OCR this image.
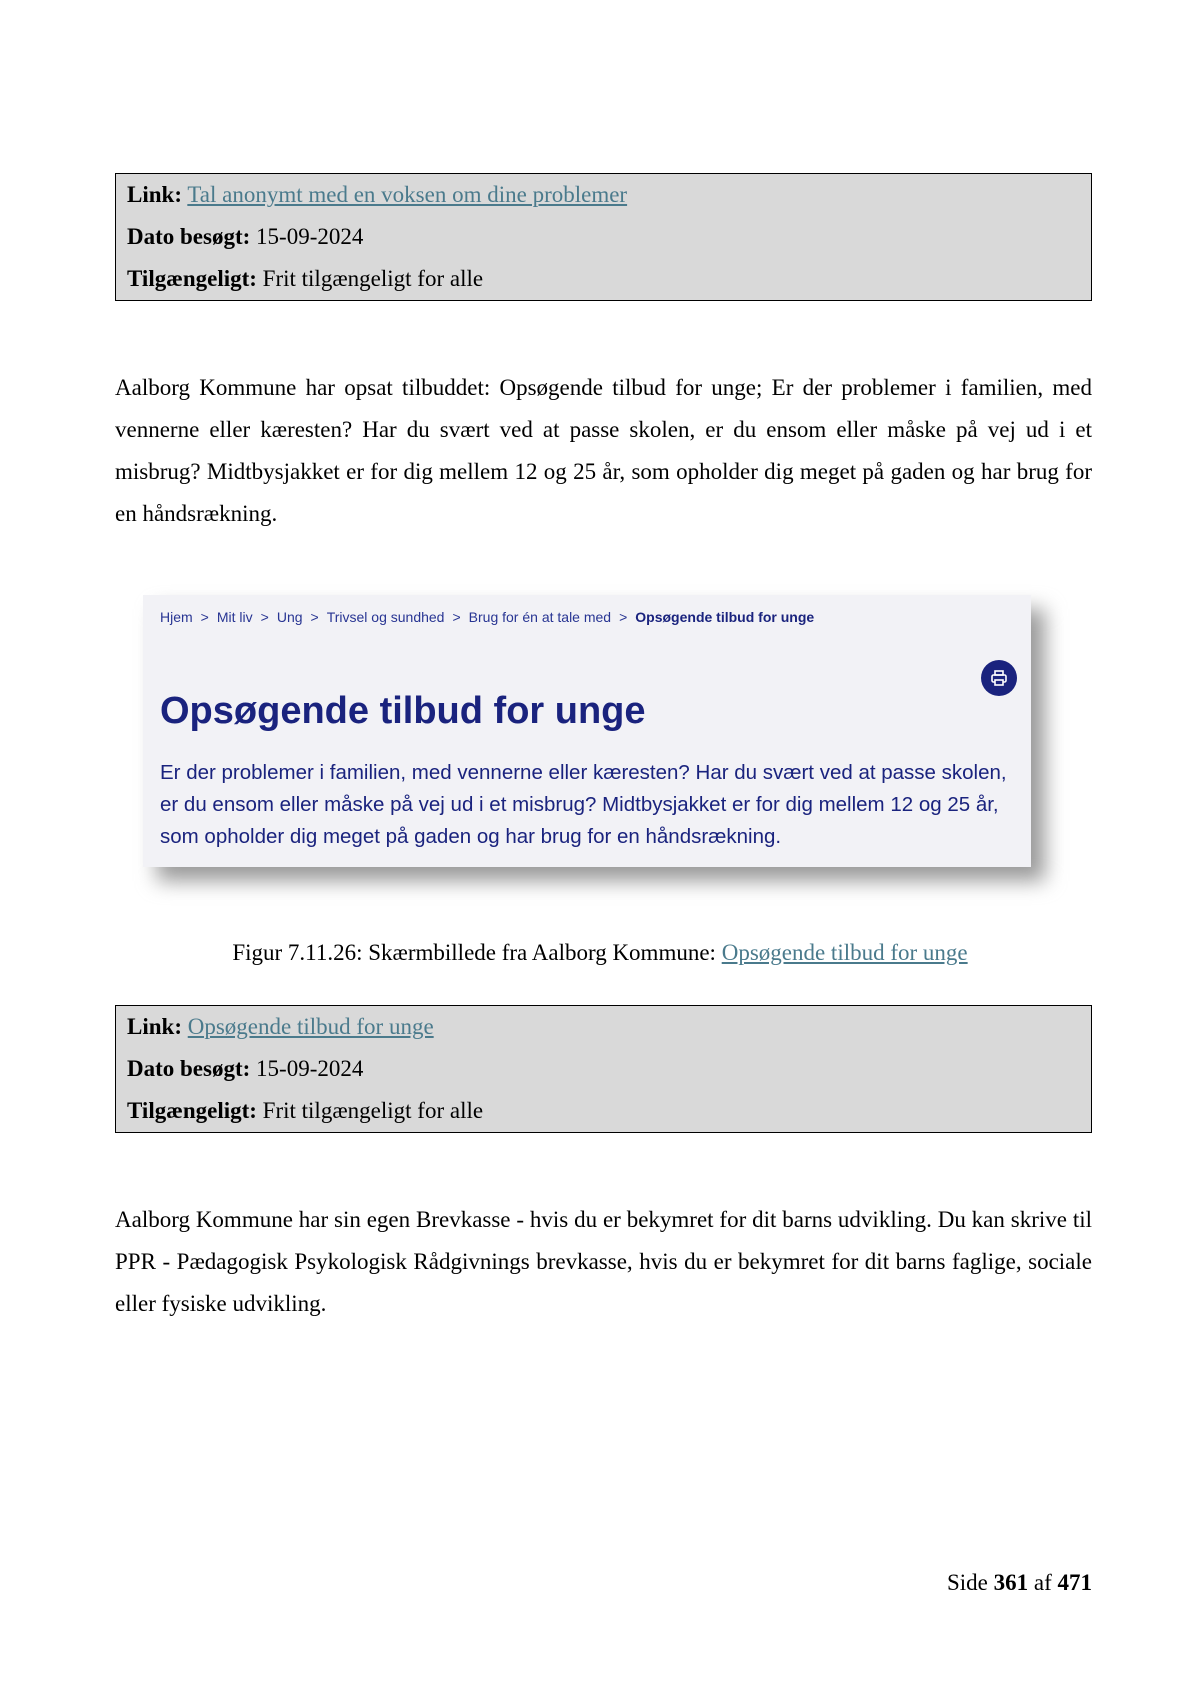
Link: Tal anonymt med en voksen om dine problemer
Dato besøgt: 15-09-2024
Tilgængeligt: Frit tilgængeligt for alle

Aalborg Kommune har opsat tilbuddet: Opsøgende tilbud for unge; Er der problemer i familien, med vennerne eller kæresten? Har du svært ved at passe skolen, er du ensom eller måske på vej ud i et misbrug? Midtbysjakket er for dig mellem 12 og 25 år, som opholder dig meget på gaden og har brug for en håndsrækning.

Hjem > Mit liv > Ung > Trivsel og sundhed > Brug for én at tale med > Opsøgende tilbud for unge
Opsøgende tilbud for unge

Er der problemer i familien, med vennerne eller kæresten? Har du svært ved at passe skolen, er du ensom eller måske på vej ud i et misbrug? Midtbysjakket er for dig mellem 12 og 25 år, som opholder dig meget på gaden og har brug for en håndsrækning.

Figur 7.11.26: Skærmbillede fra Aalborg Kommune: Opsøgende tilbud for unge
Link: Opsøgende tilbud for unge
Dato besøgt: 15-09-2024
Tilgængeligt: Frit tilgængeligt for alle

Aalborg Kommune har sin egen Brevkasse - hvis du er bekymret for dit barns udvikling. Du kan skrive til PPR - Pædagogisk Psykologisk Rådgivnings brevkasse, hvis du er bekymret for dit barns faglige, sociale eller fysiske udvikling.

Side 361 af 471
